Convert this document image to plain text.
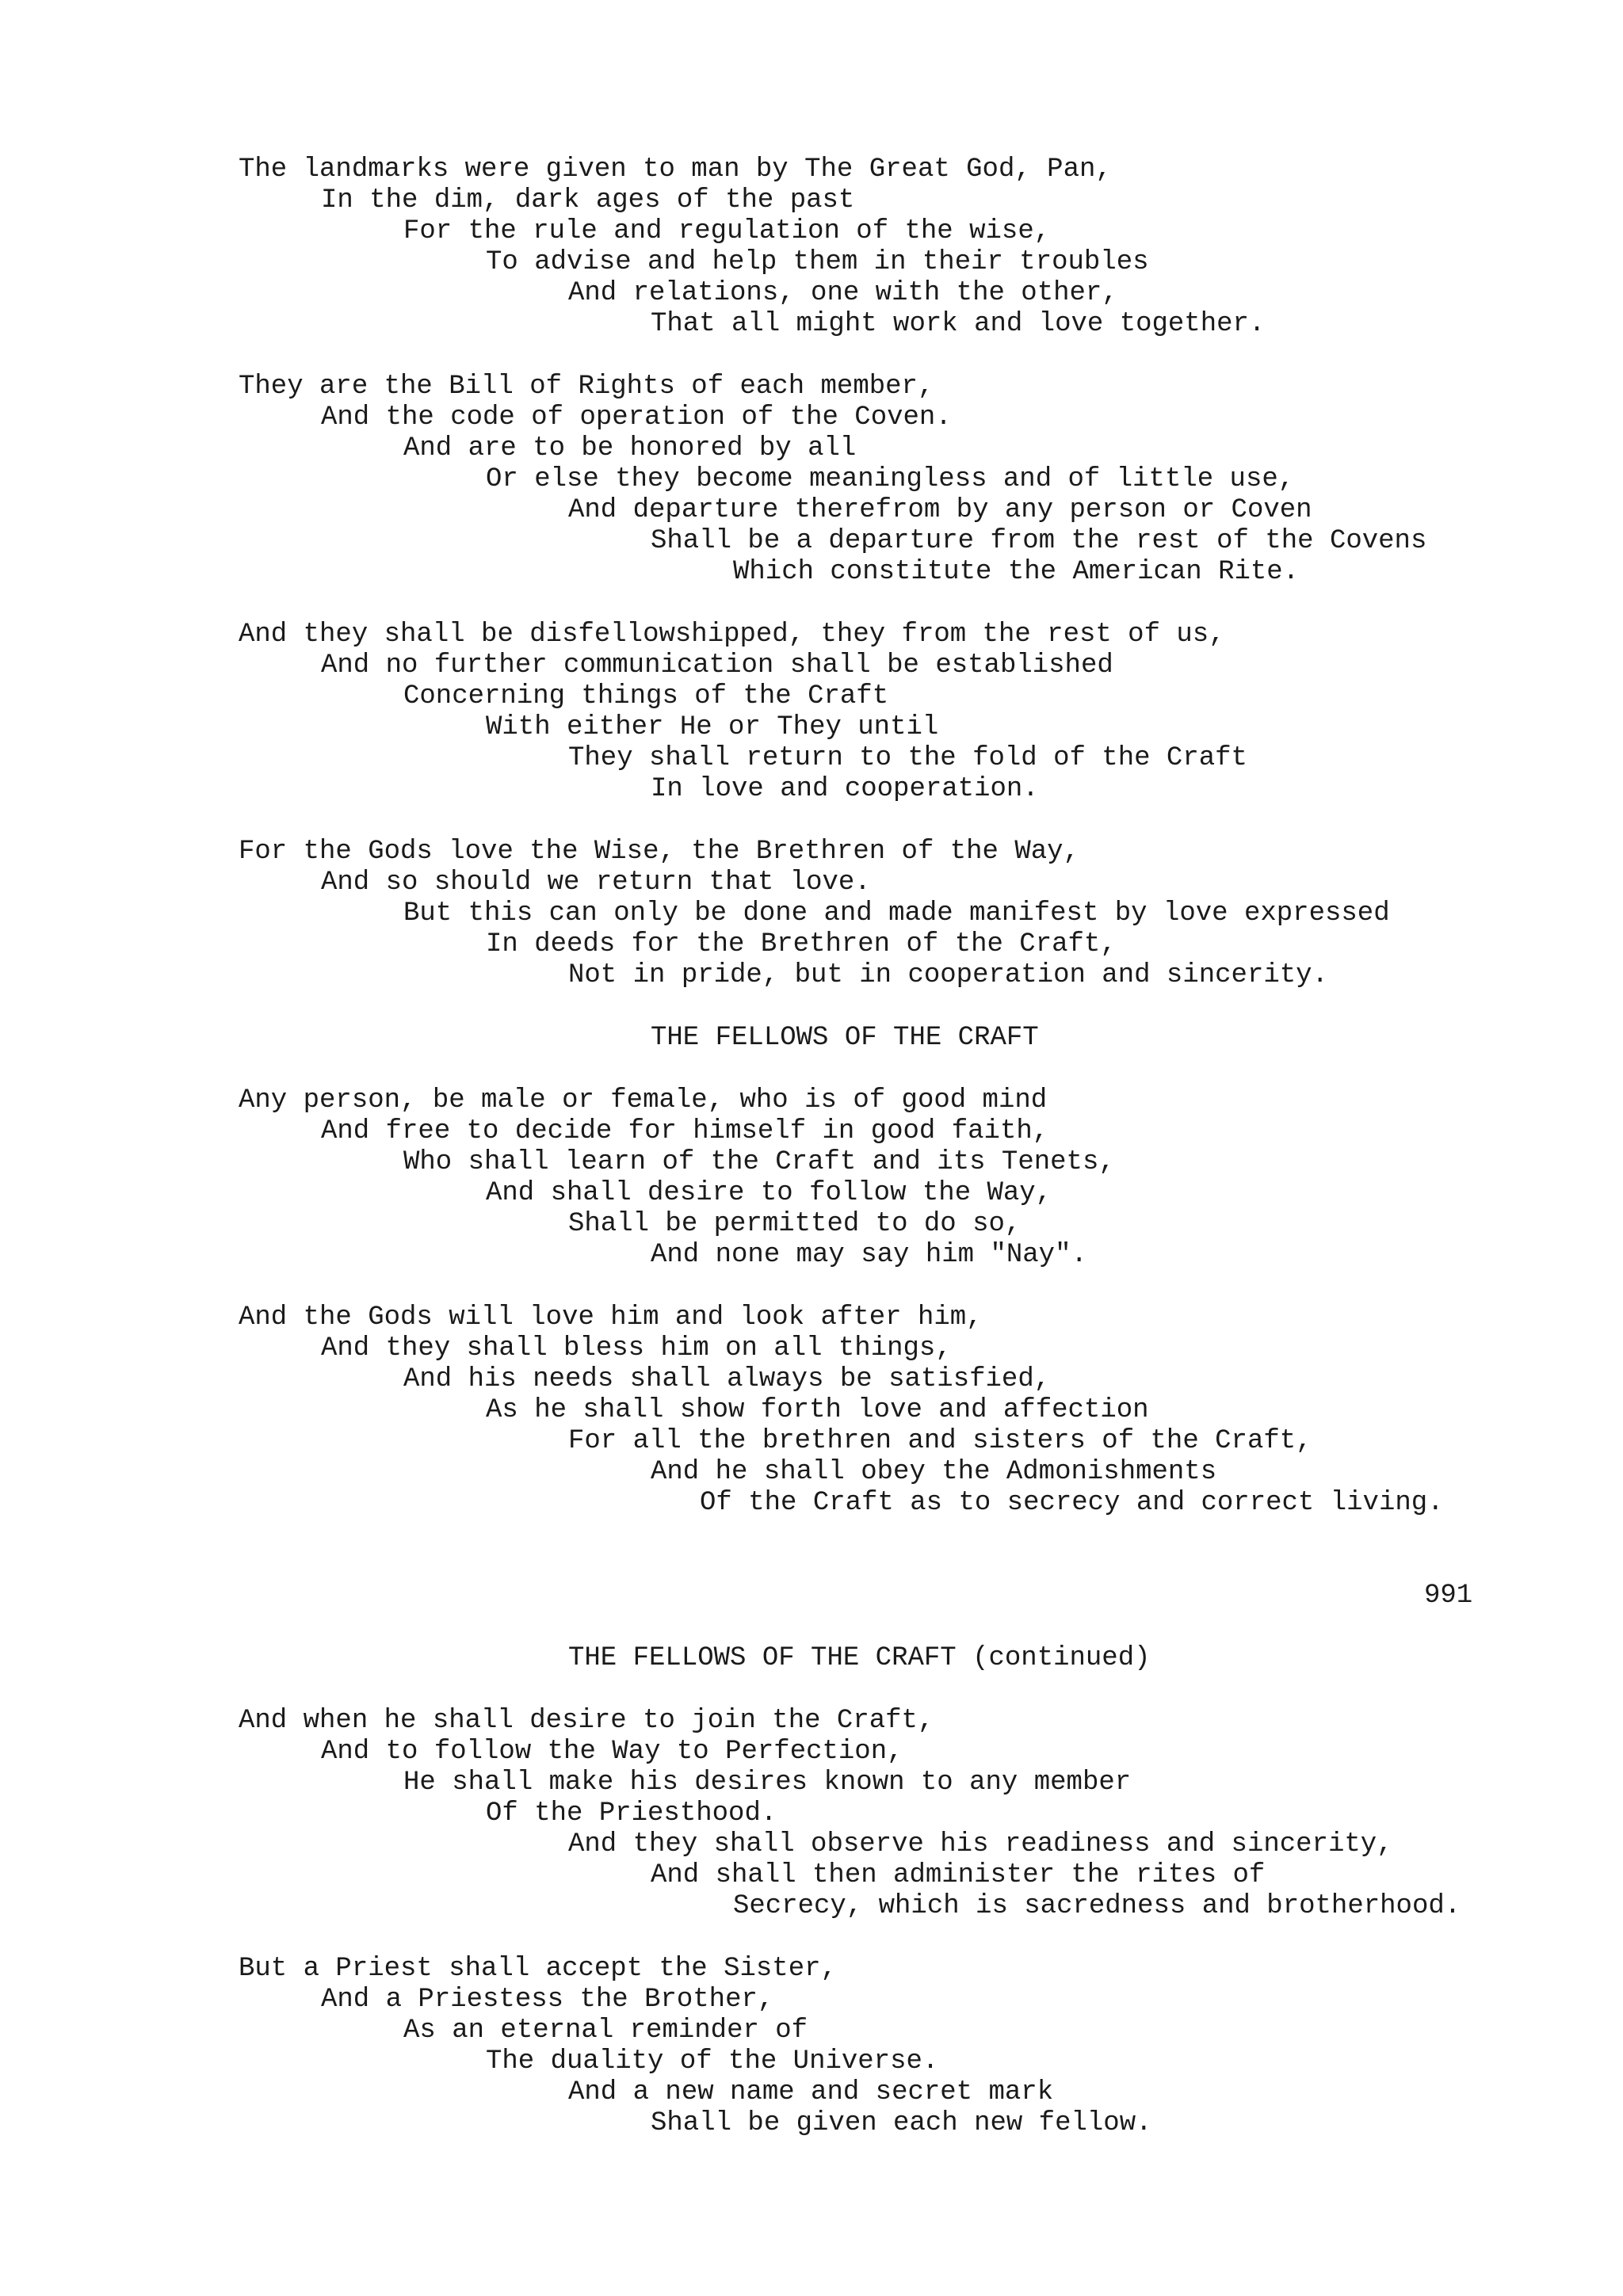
The landmarks were given to man by The Great God, Pan,
In the dim, dark ages of the past
For the rule and regulation of the wise,
To advise and help them in their troubles
And relations, one with the other,
That all might work and love together.
They are the Bill of Rights of each member,
And the code of operation of the Coven.
And are to be honored by all
Or else they become meaningless and of little use,
And departure therefrom by any person or Coven
Shall be a departure from the rest of the Covens
Which constitute the American Rite.
And they shall be disfellowshipped, they from the rest of us,
And no further communication shall be established
Concerning things of the Craft
With either He or They until
They shall return to the fold of the Craft
In love and cooperation.
For the Gods love the Wise, the Brethren of the Way,
And so should we return that love.
But this can only be done and made manifest by love expressed
In deeds for the Brethren of the Craft,
Not in pride, but in cooperation and sincerity.
THE FELLOWS OF THE CRAFT
Any person, be male or female, who is of good mind
And free to decide for himself in good faith,
Who shall learn of the Craft and its Tenets,
And shall desire to follow the Way,
Shall be permitted to do so,
And none may say him "Nay".
And the Gods will love him and look after him,
And they shall bless him on all things,
And his needs shall always be satisfied,
As he shall show forth love and affection
For all the brethren and sisters of the Craft,
And he shall obey the Admonishments
Of the Craft as to secrecy and correct living.
991
THE FELLOWS OF THE CRAFT (continued)
And when he shall desire to join the Craft,
And to follow the Way to Perfection,
He shall make his desires known to any member
Of the Priesthood.
And they shall observe his readiness and sincerity,
And shall then administer the rites of
Secrecy, which is sacredness and brotherhood.
But a Priest shall accept the Sister,
And a Priestess the Brother,
As an eternal reminder of
The duality of the Universe.
And a new name and secret mark
Shall be given each new fellow.
